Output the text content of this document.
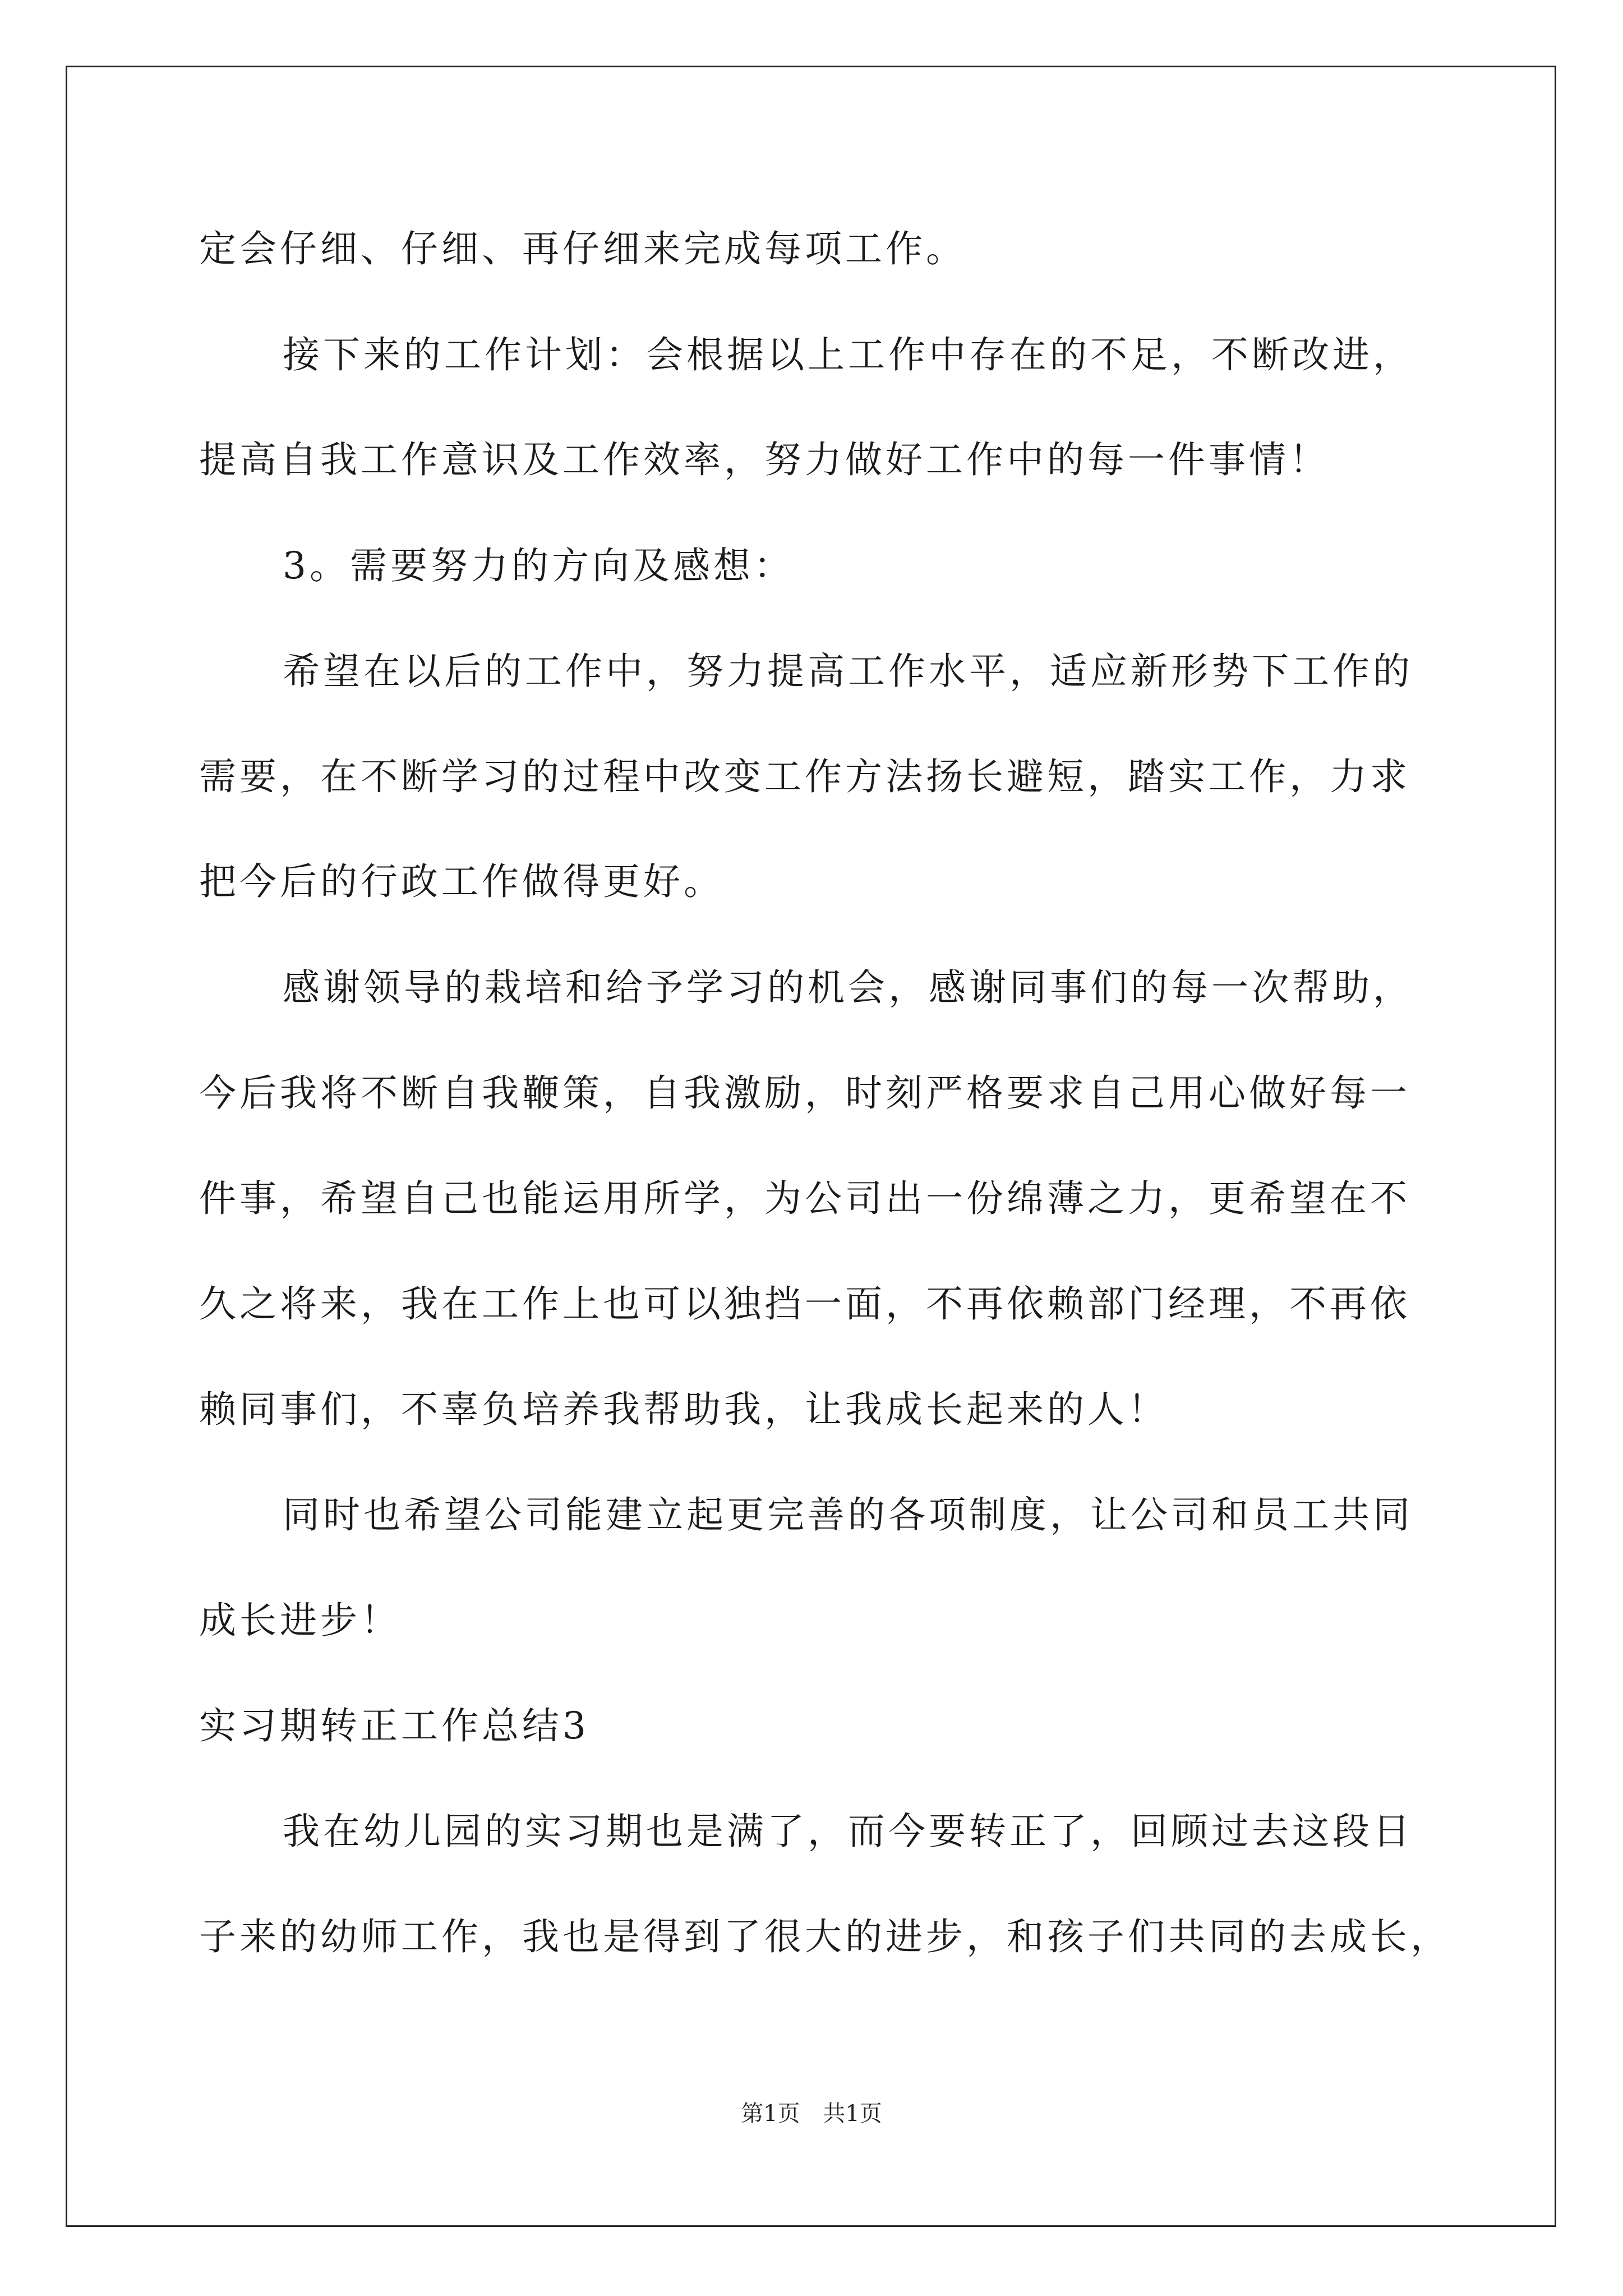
定会仔细、仔细、再仔细来完成每项工作。
接下来的工作计划：会根据以上工作中存在的不足，不断改进，
提高自我工作意识及工作效率，努力做好工作中的每一件事情！
3。需要努力的方向及感想：
希望在以后的工作中，努力提高工作水平，适应新形势下工作的
需要，在不断学习的过程中改变工作方法扬长避短，踏实工作，力求
把今后的行政工作做得更好。
感谢领导的栽培和给予学习的机会，感谢同事们的每一次帮助，
今后我将不断自我鞭策，自我激励，时刻严格要求自己用心做好每一
件事，希望自己也能运用所学，为公司出一份绵薄之力，更希望在不
久之将来，我在工作上也可以独挡一面，不再依赖部门经理，不再依
赖同事们，不辜负培养我帮助我，让我成长起来的人！
同时也希望公司能建立起更完善的各项制度，让公司和员工共同
成长进步！
实习期转正工作总结3
我在幼儿园的实习期也是满了，而今要转正了，回顾过去这段日
子来的幼师工作，我也是得到了很大的进步，和孩子们共同的去成长，
第1页 共1页
